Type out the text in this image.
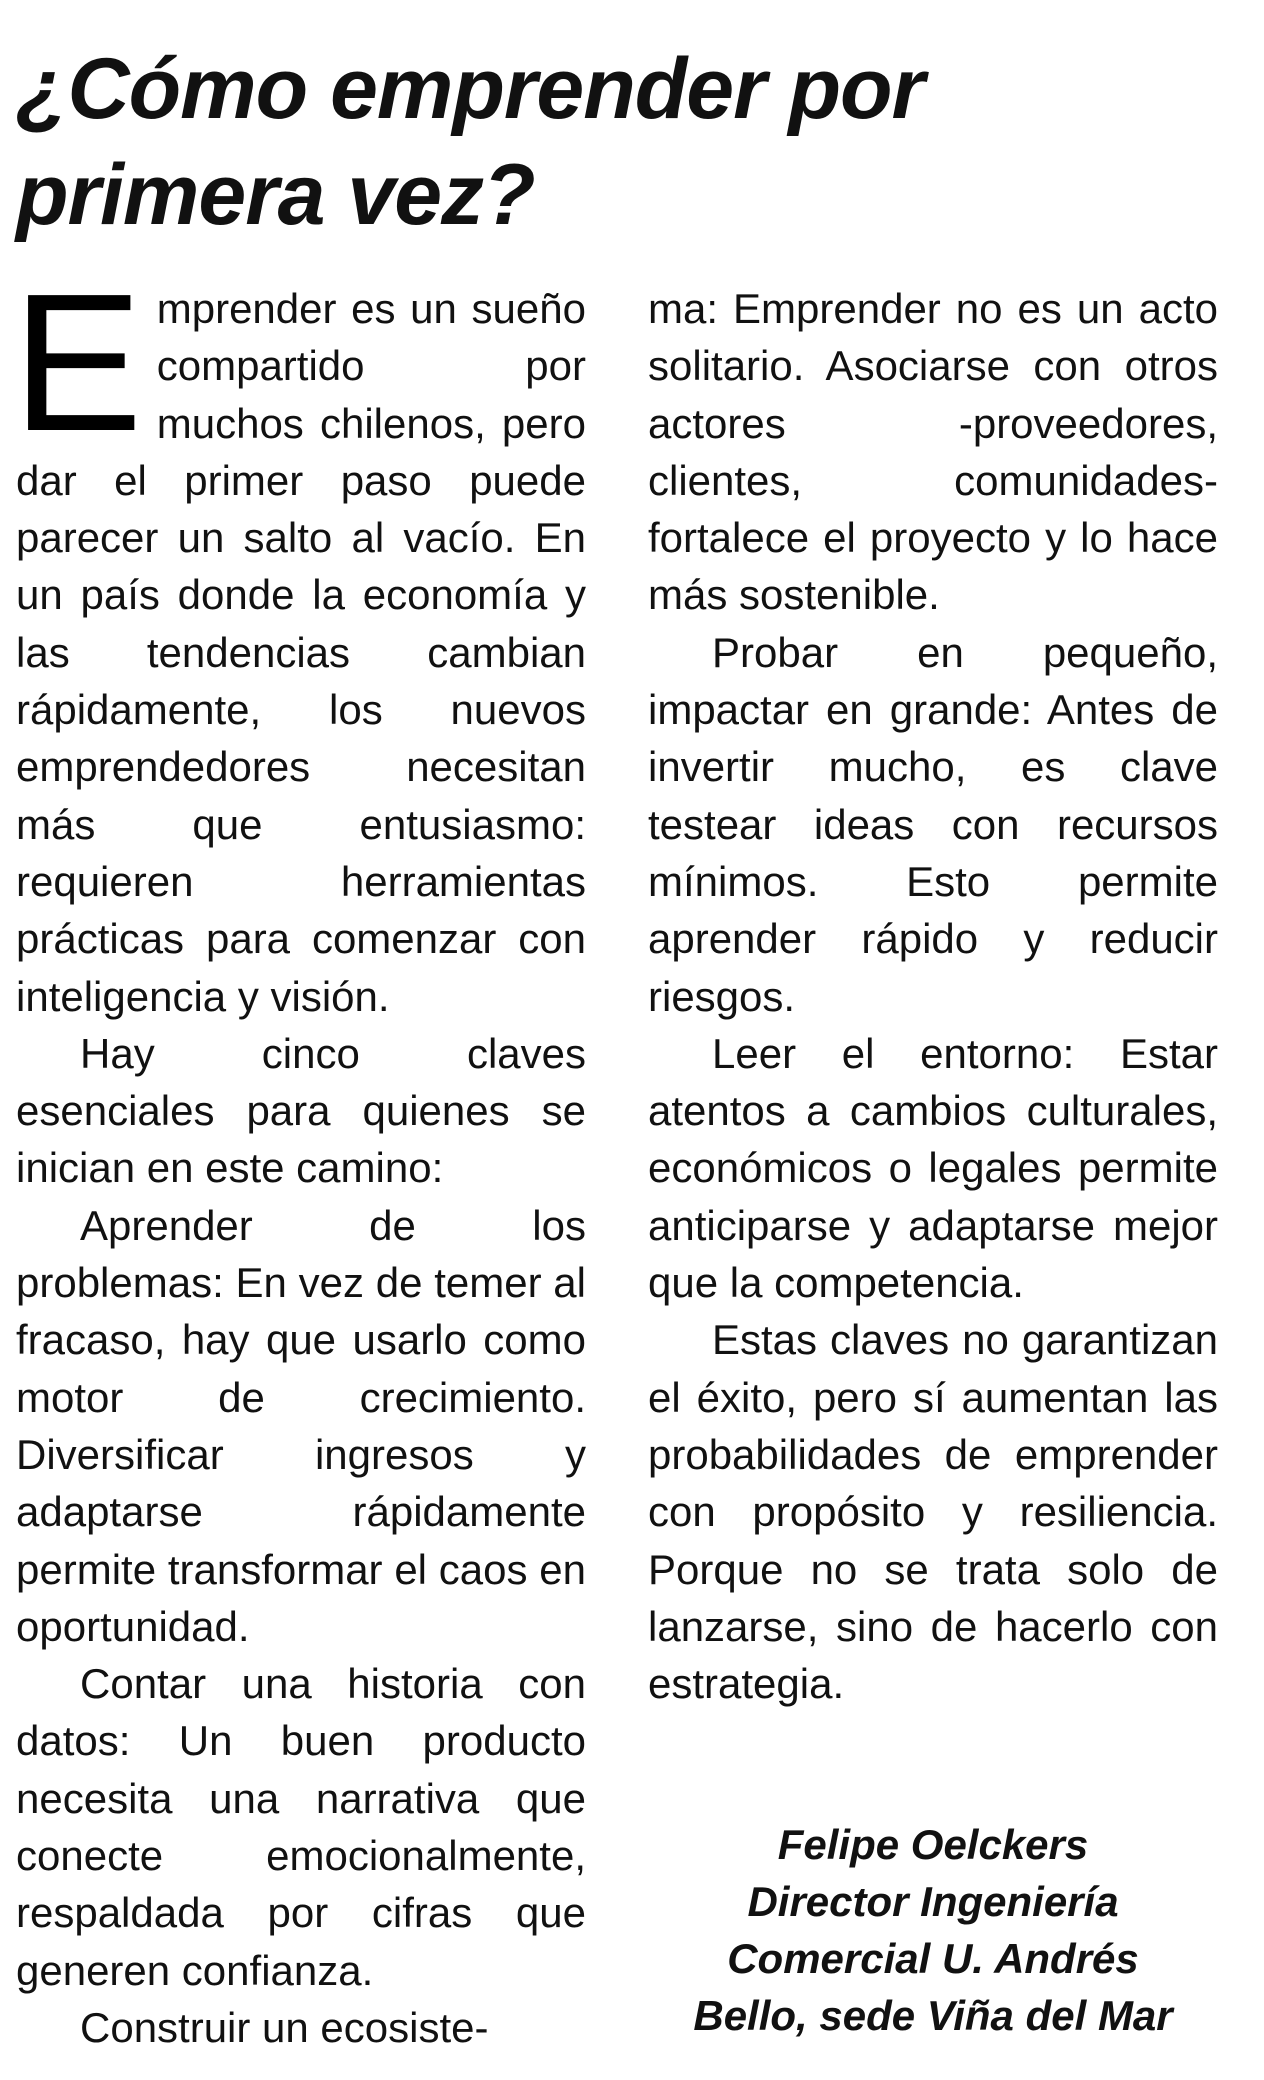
¿Cómo emprender por
primera vez?

Emprender es un sueño compartido por muchos chilenos, pero dar el primer paso puede parecer un salto al vacío. En un país donde la economía y las tendencias cambian rápidamente, los nuevos emprendedores necesitan más que entusiasmo: requieren herramientas prácticas para comenzar con inteligencia y visión.

Hay cinco claves esenciales para quienes se inician en este camino:

Aprender de los problemas: En vez de temer al fracaso, hay que usarlo como motor de crecimiento. Diversificar ingresos y adaptarse rápidamente permite transformar el caos en oportunidad.

Contar una historia con datos: Un buen producto necesita una narrativa que conecte emocionalmente, respaldada por cifras que generen confianza.

Construir un ecosiste-

ma: Emprender no es un acto solitario. Asociarse con otros actores -proveedores, clientes, comunidades- fortalece el proyecto y lo hace más sostenible.

Probar en pequeño, impactar en grande: Antes de invertir mucho, es clave testear ideas con recursos mínimos. Esto permite aprender rápido y reducir riesgos.

Leer el entorno: Estar atentos a cambios culturales, económicos o legales permite anticiparse y adaptarse mejor que la competencia.

Estas claves no garantizan el éxito, pero sí aumentan las probabilidades de emprender con propósito y resiliencia. Porque no se trata solo de lanzarse, sino de hacerlo con estrategia.

Felipe Oelckers
Director Ingeniería
Comercial U. Andrés
Bello, sede Viña del Mar
